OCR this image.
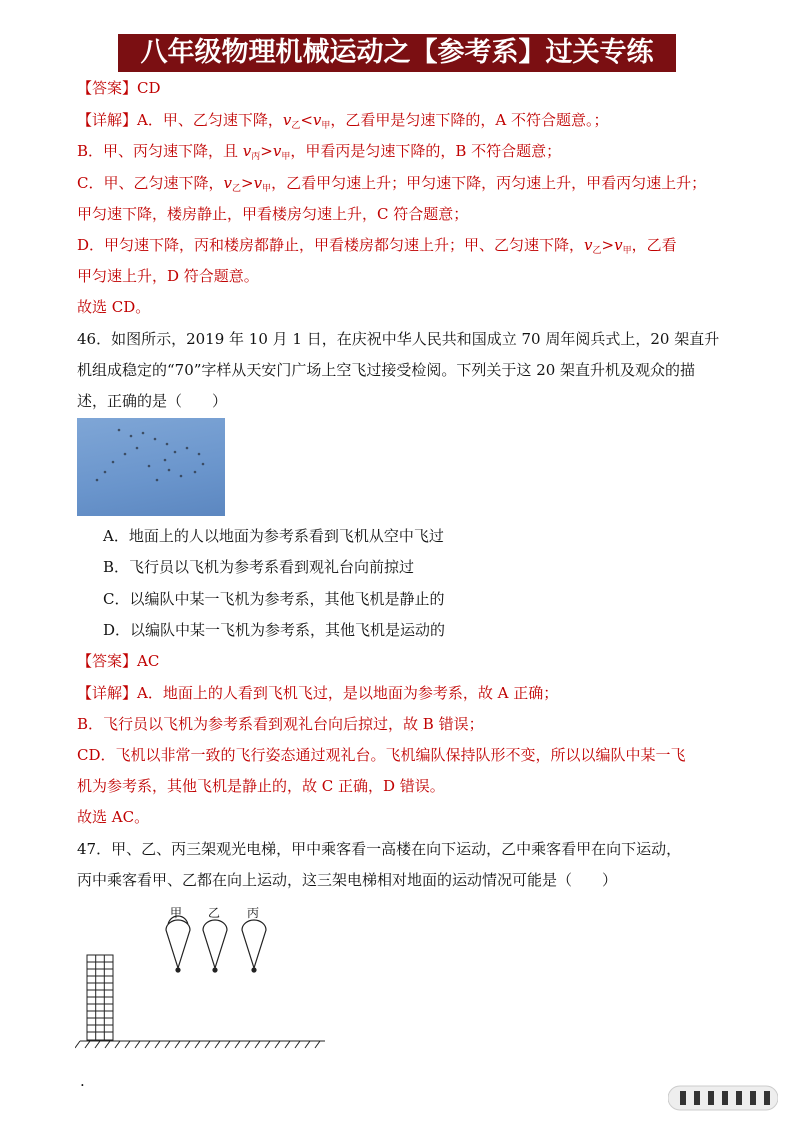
八年级物理机械运动之【参考系】过关专练
【答案】CD
【详解】A．甲、乙匀速下降，$v_乙<v_甲$，乙看甲是匀速下降的，A 不符合题意。；
B．甲、丙匀速下降，且 $v_丙>v_甲$，甲看丙是匀速下降的，B 不符合题意；
C．甲、乙匀速下降，$v_乙>v_甲$，乙看甲匀速上升；甲匀速下降，丙匀速上升，甲看丙匀速上升；
甲匀速下降，楼房静止，甲看楼房匀速上升，C 符合题意；
D．甲匀速下降，丙和楼房都静止，甲看楼房都匀速上升；甲、乙匀速下降，$v_乙>v_甲$，乙看
甲匀速上升，D 符合题意。
故选 CD。
46．如图所示，2019 年 10 月 1 日，在庆祝中华人民共和国成立 70 周年阅兵式上，20 架直升
机组成稳定的“70”字样从天安门广场上空飞过接受检阅。下列关于这 20 架直升机及观众的描
述，正确的是（　　）
A．地面上的人以地面为参考系看到飞机从空中飞过
B．飞行员以飞机为参考系看到观礼台向前掠过
C．以编队中某一飞机为参考系，其他飞机是静止的
D．以编队中某一飞机为参考系，其他飞机是运动的
【答案】AC
【详解】A．地面上的人看到飞机飞过，是以地面为参考系，故 A 正确；
B．飞行员以飞机为参考系看到观礼台向后掠过，故 B 错误；
CD．飞机以非常一致的飞行姿态通过观礼台。飞机编队保持队形不变，所以以编队中某一飞
机为参考系，其他飞机是静止的，故 C 正确，D 错误。
故选 AC。
47．甲、乙、丙三架观光电梯，甲中乘客看一高楼在向下运动，乙中乘客看甲在向下运动，
丙中乘客看甲、乙都在向上运动，这三架电梯相对地面的运动情况可能是（　　）
甲 乙 丙
.
